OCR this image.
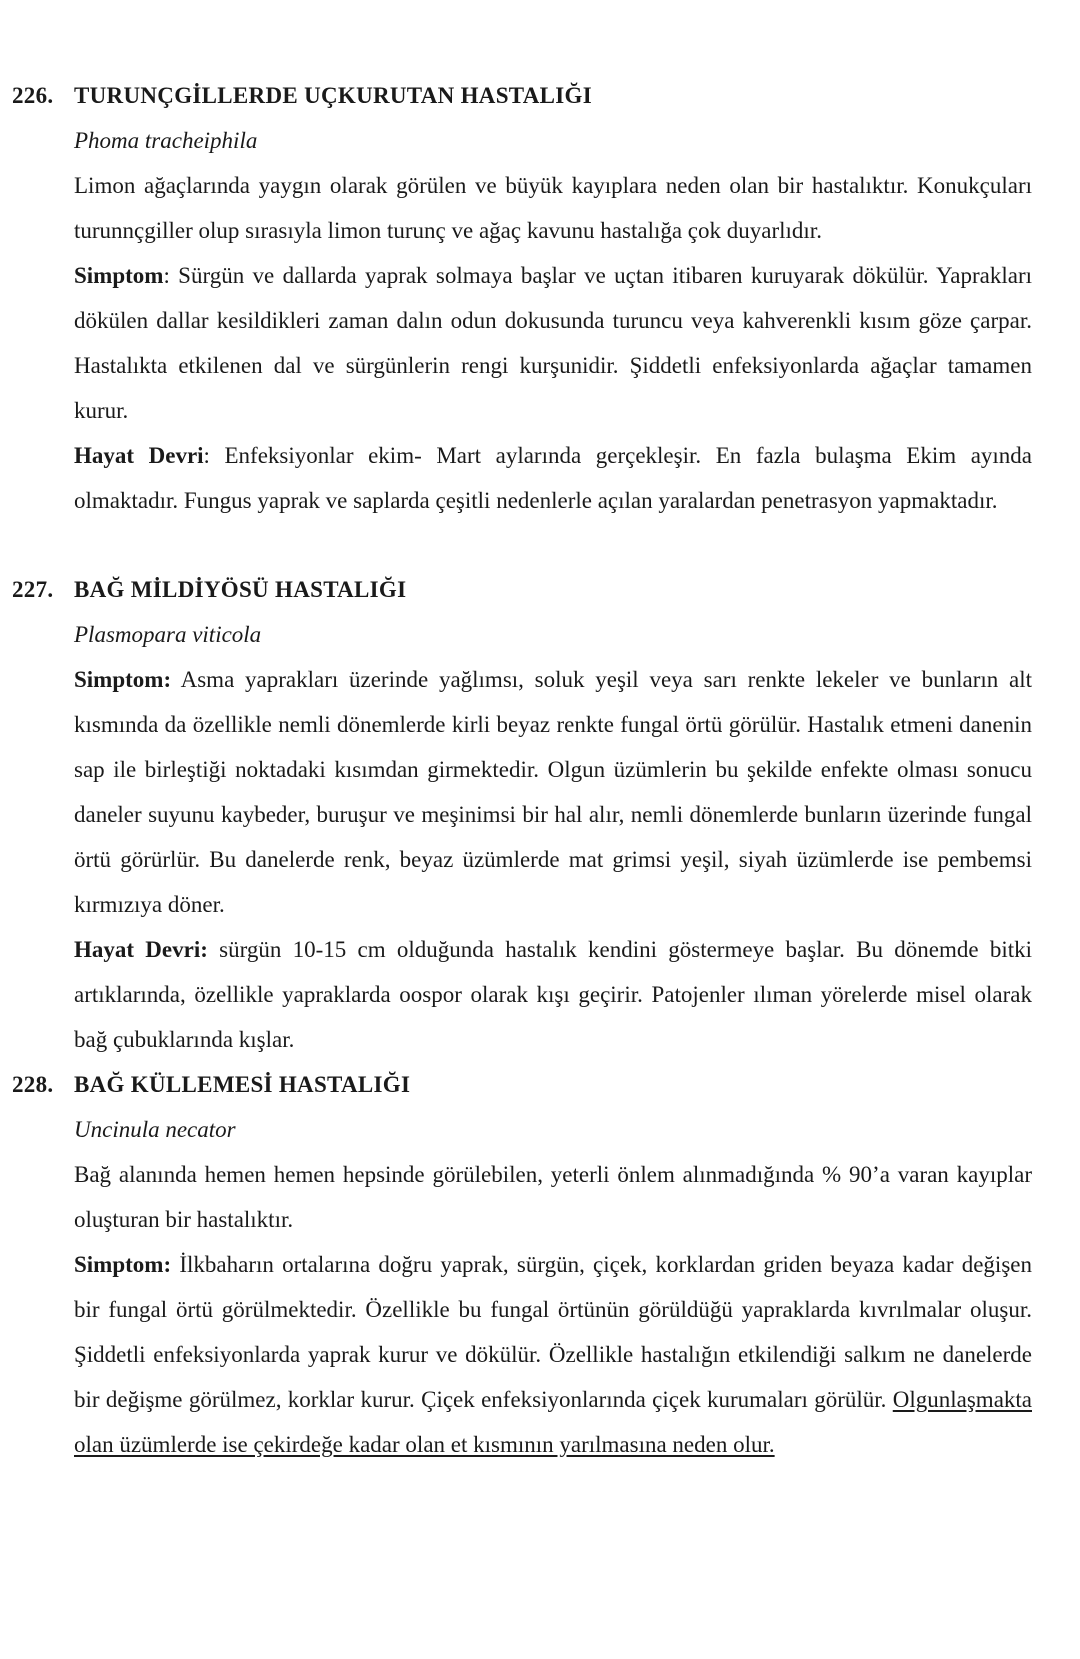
226. TURUNÇGİLLERDE UÇKURUTAN HASTALIĞI
Phoma tracheiphila

Limon ağaçlarında yaygın olarak görülen ve büyük kayıplara neden olan bir hastalıktır. Konukçuları turunnçgiller olup sırasıyla limon turunç ve ağaç kavunu hastalığa çok duyarlıdır.

Simptom: Sürgün ve dallarda yaprak solmaya başlar ve uçtan itibaren kuruyarak dökülür. Yaprakları dökülen dallar kesildikleri zaman dalın odun dokusunda turuncu veya kahverenkli kısım göze çarpar. Hastalıkta etkilenen dal ve sürgünlerin rengi kurşunidir. Şiddetli enfeksiyonlarda ağaçlar tamamen kurur.

Hayat Devri: Enfeksiyonlar ekim- Mart aylarında gerçekleşir. En fazla bulaşma Ekim ayında olmaktadır. Fungus yaprak ve saplarda çeşitli nedenlerle açılan yaralardan penetrasyon yapmaktadır.

227. BAĞ MİLDİYÖSÜ HASTALIĞI
Plasmopara viticola

Simptom: Asma yaprakları üzerinde yağlımsı, soluk yeşil veya sarı renkte lekeler ve bunların alt kısmında da özellikle nemli dönemlerde kirli beyaz renkte fungal örtü görülür. Hastalık etmeni danenin sap ile birleştiği noktadaki kısımdan girmektedir. Olgun üzümlerin bu şekilde enfekte olması sonucu daneler suyunu kaybeder, buruşur ve meşinimsi bir hal alır, nemli dönemlerde bunların üzerinde fungal örtü görürlür. Bu danelerde renk, beyaz üzümlerde mat grimsi yeşil, siyah üzümlerde ise pembemsi kırmızıya döner.

Hayat Devri: sürgün 10-15 cm olduğunda hastalık kendini göstermeye başlar. Bu dönemde bitki artıklarında, özellikle yapraklarda oospor olarak kışı geçirir. Patojenler ılıman yörelerde misel olarak bağ çubuklarında kışlar.

228. BAĞ KÜLLEMESİ HASTALIĞI
Uncinula necator

Bağ alanında hemen hemen hepsinde görülebilen, yeterli önlem alınmadığında % 90’a varan kayıplar oluşturan bir hastalıktır.

Simptom: İlkbaharın ortalarına doğru yaprak, sürgün, çiçek, korklardan griden beyaza kadar değişen bir fungal örtü görülmektedir. Özellikle bu fungal örtünün görüldüğü yapraklarda kıvrılmalar oluşur. Şiddetli enfeksiyonlarda yaprak kurur ve dökülür. Özellikle hastalığın etkilendiği salkım ne danelerde bir değişme görülmez, korklar kurur. Çiçek enfeksiyonlarında çiçek kurumaları görülür. Olgunlaşmakta olan üzümlerde ise çekirdeğe kadar olan et kısmının yarılmasına neden olur.
